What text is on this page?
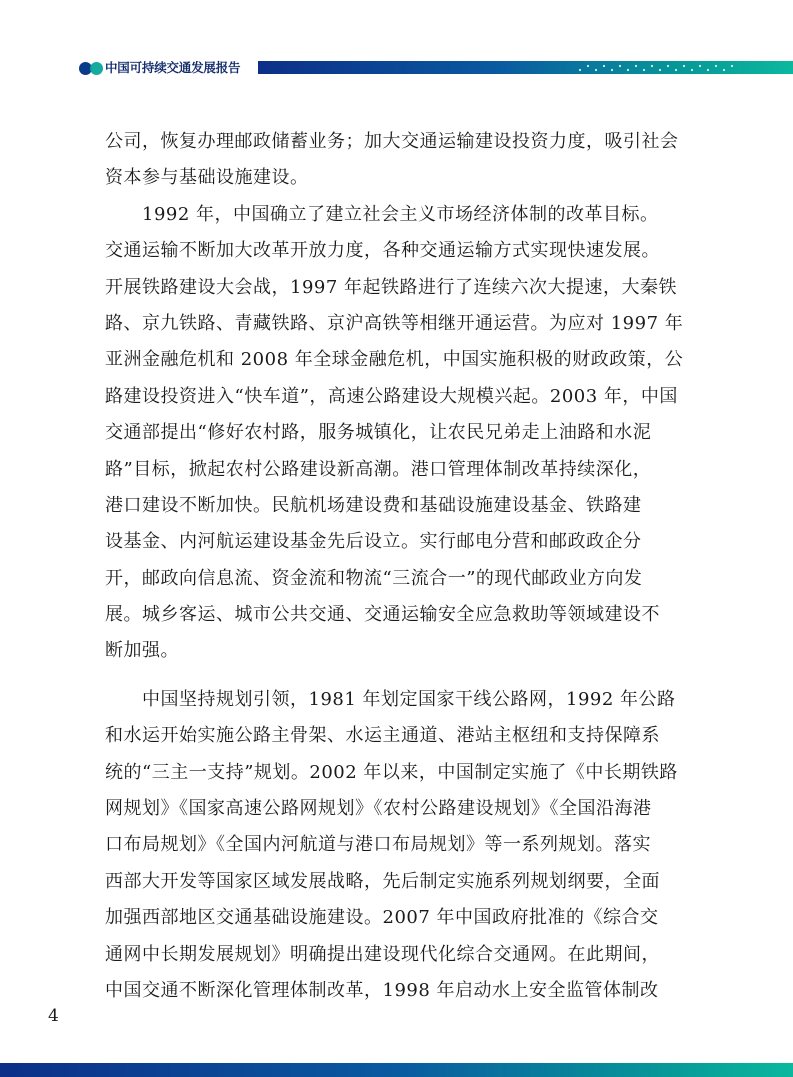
中国可持续交通发展报告
公司，恢复办理邮政储蓄业务；加大交通运输建设投资力度，吸引社会
资本参与基础设施建设。
　　1992 年，中国确立了建立社会主义市场经济体制的改革目标。
交通运输不断加大改革开放力度，各种交通运输方式实现快速发展。
开展铁路建设大会战，1997 年起铁路进行了连续六次大提速，大秦铁
路、京九铁路、青藏铁路、京沪高铁等相继开通运营。为应对 1997 年
亚洲金融危机和 2008 年全球金融危机，中国实施积极的财政政策，公
路建设投资进入“快车道”，高速公路建设大规模兴起。2003 年，中国
交通部提出“修好农村路，服务城镇化，让农民兄弟走上油路和水泥
路”目标，掀起农村公路建设新高潮。港口管理体制改革持续深化，
港口建设不断加快。民航机场建设费和基础设施建设基金、铁路建
设基金、内河航运建设基金先后设立。实行邮电分营和邮政政企分
开，邮政向信息流、资金流和物流“三流合一”的现代邮政业方向发
展。城乡客运、城市公共交通、交通运输安全应急救助等领域建设不
断加强。
　　中国坚持规划引领，1981 年划定国家干线公路网，1992 年公路
和水运开始实施公路主骨架、水运主通道、港站主枢纽和支持保障系
统的“三主一支持”规划。2002 年以来，中国制定实施了《中长期铁路
网规划》《国家高速公路网规划》《农村公路建设规划》《全国沿海港
口布局规划》《全国内河航道与港口布局规划》等一系列规划。落实
西部大开发等国家区域发展战略，先后制定实施系列规划纲要，全面
加强西部地区交通基础设施建设。2007 年中国政府批准的《综合交
通网中长期发展规划》明确提出建设现代化综合交通网。在此期间，
中国交通不断深化管理体制改革，1998 年启动水上安全监管体制改
4
